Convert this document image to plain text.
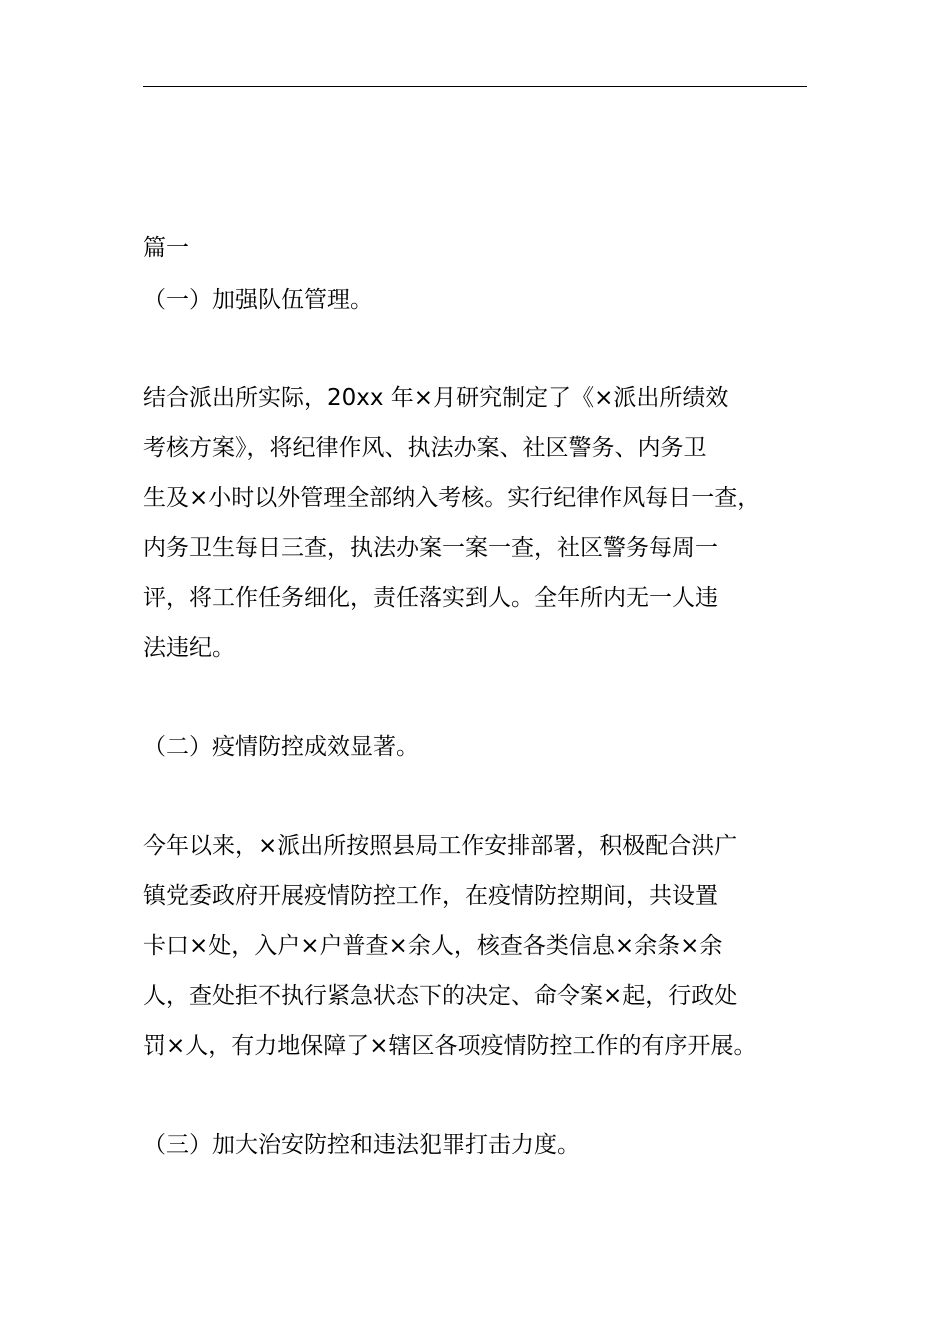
篇一
（一）加强队伍管理。
结合派出所实际，20xx 年×月研究制定了《×派出所绩效
考核方案》，将纪律作风、执法办案、社区警务、内务卫
生及×小时以外管理全部纳入考核。实行纪律作风每日一查，
内务卫生每日三查，执法办案一案一查，社区警务每周一
评，将工作任务细化，责任落实到人。全年所内无一人违
法违纪。
（二）疫情防控成效显著。
今年以来，×派出所按照县局工作安排部署，积极配合洪广
镇党委政府开展疫情防控工作，在疫情防控期间，共设置
卡口×处，入户×户普查×余人，核查各类信息×余条×余
人，查处拒不执行紧急状态下的决定、命令案×起，行政处
罚×人，有力地保障了×辖区各项疫情防控工作的有序开展。
（三）加大治安防控和违法犯罪打击力度。
